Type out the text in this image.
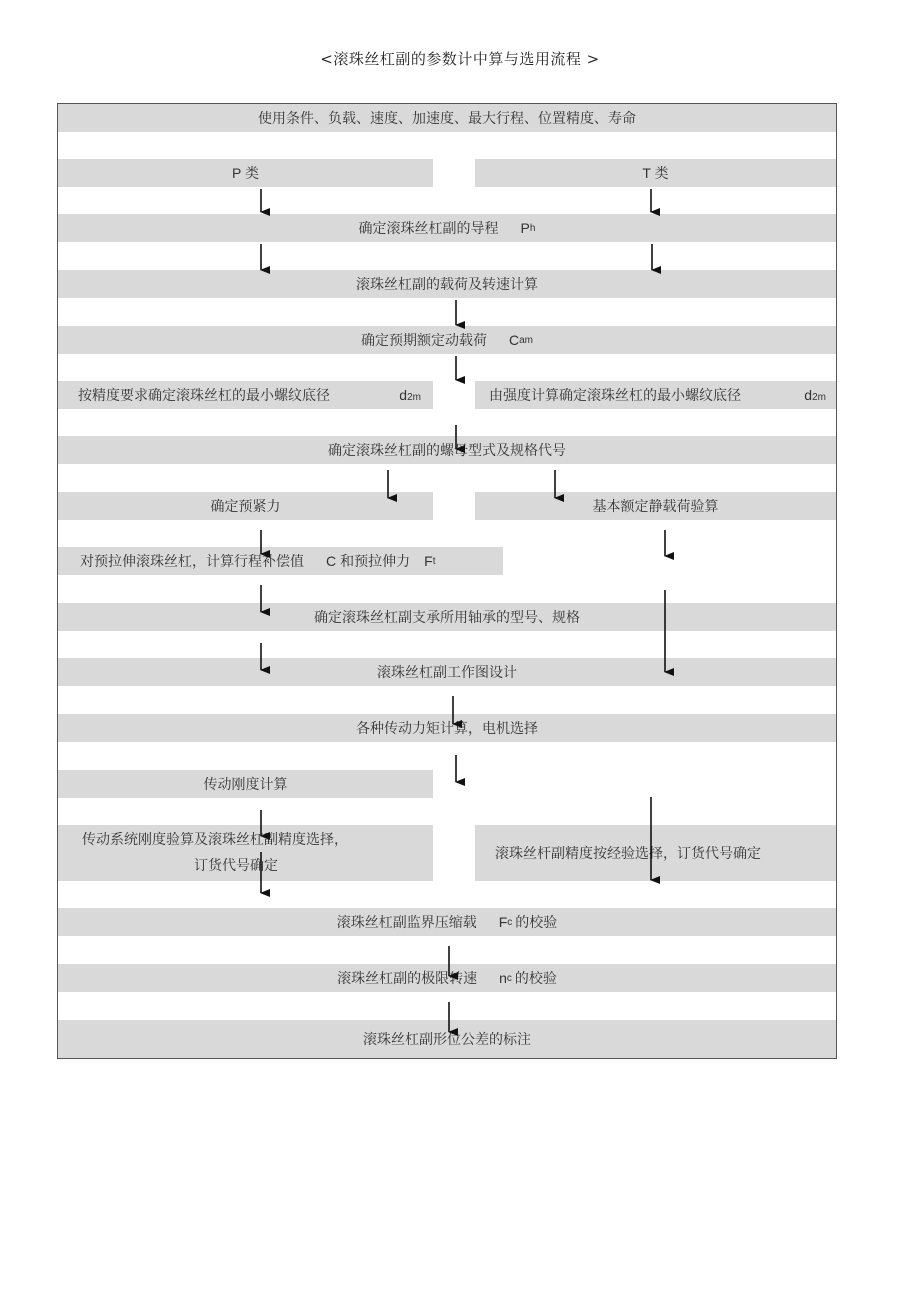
<滚珠丝杠副的参数计中算与选用流程 >
使用条件、负载、速度、加速度、最大行程、位置精度、寿命
P 类	T 类
确定滚珠丝杠副的导程 P h
滚珠丝杠副的载荷及转速计算
确定预期额定动载荷 C am
按精度要求确定滚珠丝杠的最小螺纹底径	d2m	由强度计算确定滚珠丝杠的最小螺纹底径	d2m
确定滚珠丝杠副的螺母型式及规格代号
确定预紧力	基本额定静载荷验算
对预拉伸滚珠丝杠，计算行程补偿值 C 和预拉伸力 F t
确定滚珠丝杠副支承所用轴承的型号、规格
滚珠丝杠副工作图设计
各种传动力矩计算，电机选择
传动刚度计算
传动系统刚度验算及滚珠丝杠副精度选择，
订货代号确定
滚珠丝杆副精度按经验选择，订货代号确定
滚珠丝杠副监界压缩载 F c 的校验
滚珠丝杠副的极限转速 n c 的校验
滚珠丝杠副形位公差的标注
